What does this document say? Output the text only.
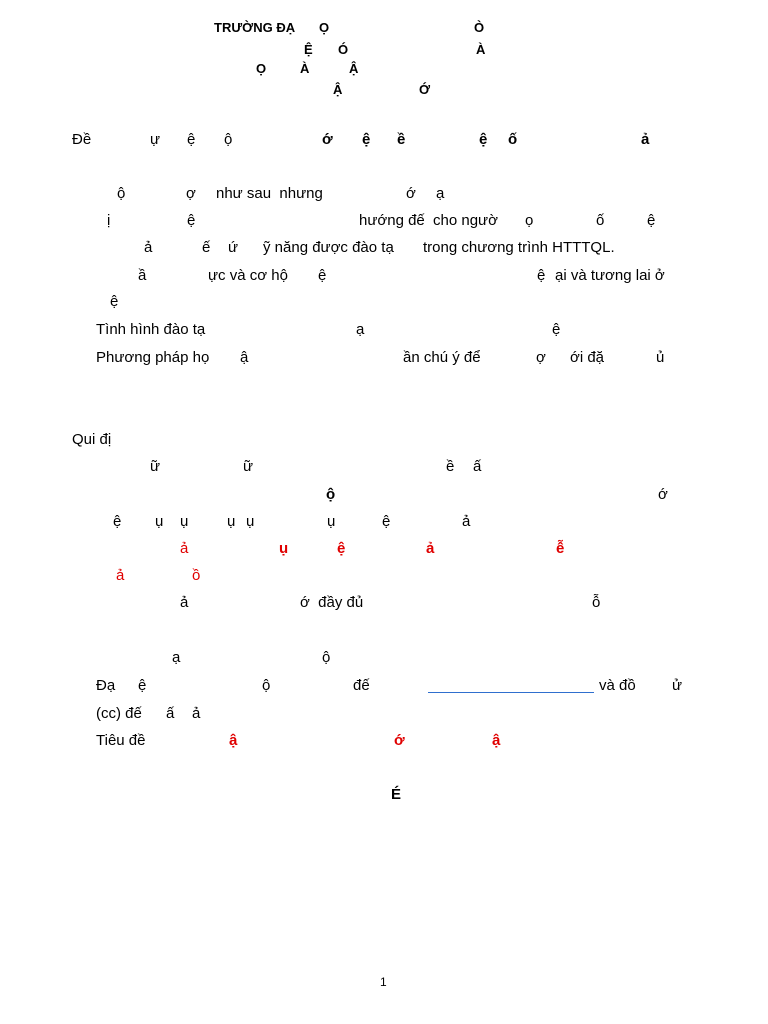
TRƯỜNG ĐẠ Ọ	Ò
Ệ Ó	À
Ọ	À	Ậ
Ậ	Ớ
Đề	ự ệ ộ	ớ ệ ề	ệ ố	ả
ộ	ợ như sau  nhưng	ớ ạ
ị	ệ	hướng đế cho ngườ ọ	ố	ệ
ả	ế ứ ỹ năng được đào tạ trong chương trình HTTTQL.
ầ	ực và cơ hộ ệ	ệ ại và tương lai ở
ệ
Tình hình đào tạ	ạ	ệ
Phương pháp họ ậ	ần chú ý để	ợ ới đặ	ủ
Qui đị
ữ	ữ	ề ấ
ộ	ớ
ệ ụ ụ	ụ ụ	ụ	ệ	ả
ả	ụ	ệ	ả	ễ
ả	ồ
ả	ớ  đầy đủ	ỗ
ạ	ộ
Đạ ệ	ộ	đế	và đồ ử
(cc) đế ấ ả
Tiêu đề	ậ	ớ	ậ
É
1
